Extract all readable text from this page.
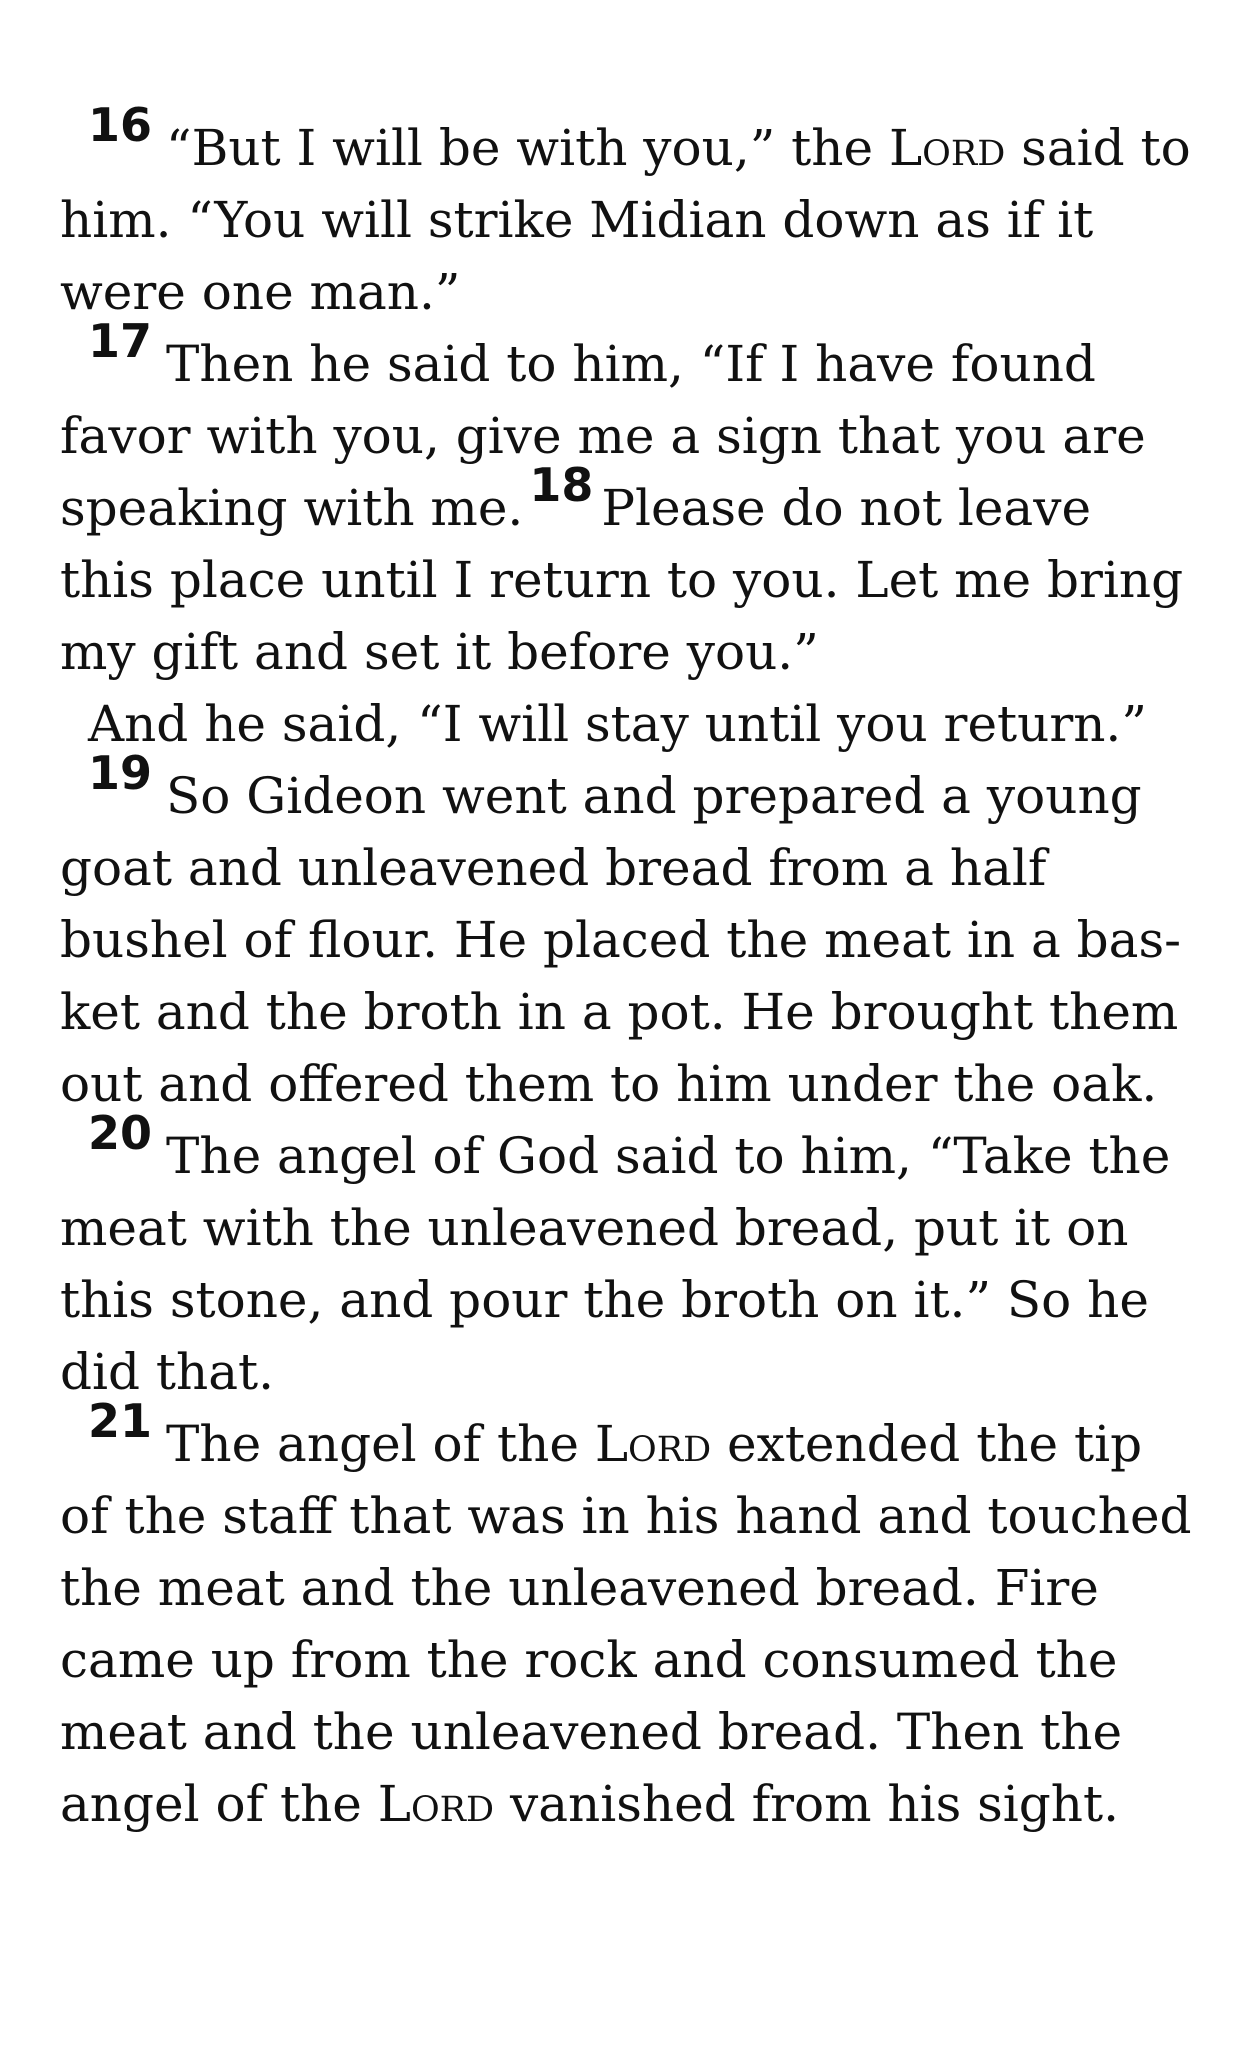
16 “But I will be with you,” the Lord said to him. “You will strike Midian down as if it were one man.”

17 Then he said to him, “If I have found favor with you, give me a sign that you are speaking with me. 18 Please do not leave this place until I return to you. Let me bring my gift and set it before you.”

And he said, “I will stay until you return.”

19 So Gideon went and prepared a young goat and unleavened bread from a half bushel of flour. He placed the meat in a basket and the broth in a pot. He brought them out and offered them to him under the oak.

20 The angel of God said to him, “Take the meat with the unleavened bread, put it on this stone, and pour the broth on it.” So he did that.

21 The angel of the Lord extended the tip of the staff that was in his hand and touched the meat and the unleavened bread. Fire came up from the rock and consumed the meat and the unleavened bread. Then the angel of the Lord vanished from his sight.
